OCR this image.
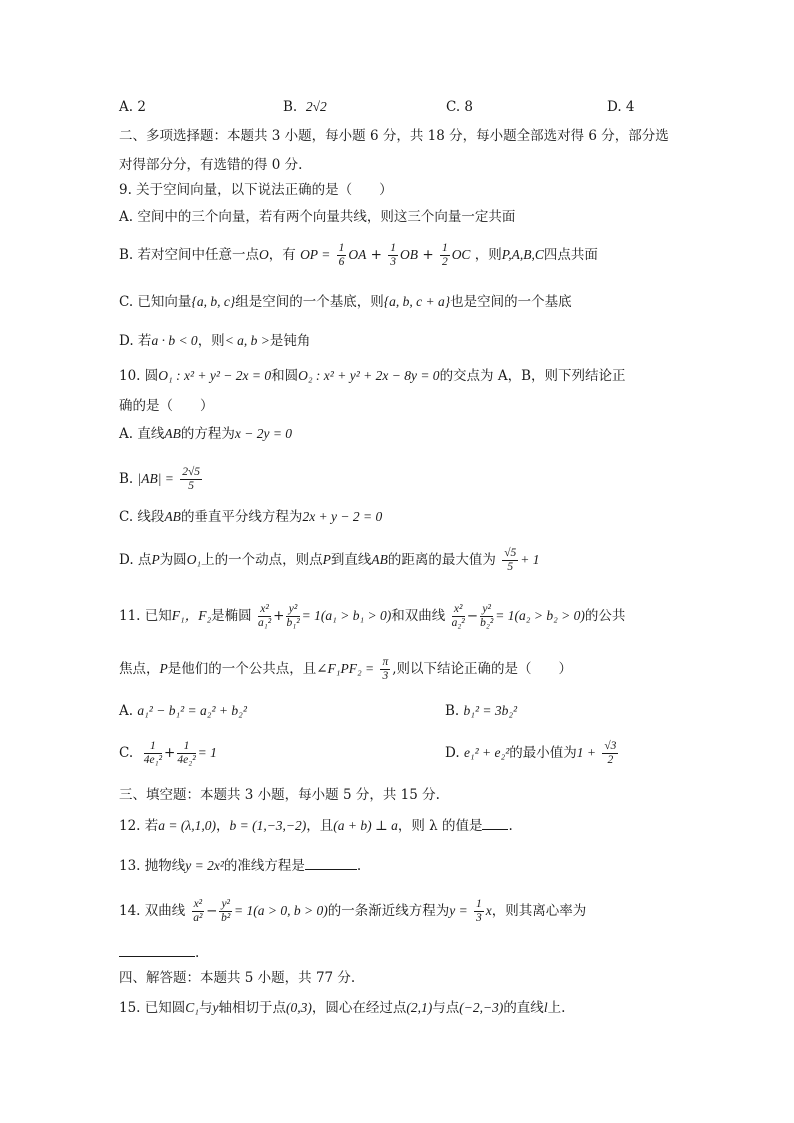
A. 2	B. 2√2	C. 8	D. 4
二、多项选择题：本题共 3 小题，每小题 6 分，共 18 分，每小题全部选对得 6 分，部分选
对得部分分，有选错的得 0 分.
9. 关于空间向量，以下说法正确的是（　　）
A. 空间中的三个向量，若有两个向量共线，则这三个向量一定共面
B. 若对空间中任意一点O，有 OP = $\frac{1}{6}$ OA + $\frac{1}{3}$ OB + $\frac{1}{2}$ OC ，则P,A,B,C四点共面
C. 已知向量{a, b, c}组是空间的一个基底，则{a, b, c + a}也是空间的一个基底
D. 若a · b < 0，则< a, b >是钝角
10. 圆O₁ : x² + y² − 2x = 0和圆O₂ : x² + y² + 2x − 8y = 0的交点为 A，B，则下列结论正
确的是（　　）
A. 直线AB的方程为x − 2y = 0
B. $|AB| = \frac{2√5}{5}$
C. 线段AB的垂直平分线方程为2x + y − 2 = 0
D. 点P为圆O₁上的一个动点，则点P到直线AB的距离的最大值为 $\frac{√5}{5} + 1$
11. 已知F₁，F₂是椭圆 $\frac{\text{x²}}{\text{a₁²}} + \frac{\text{y²}}{\text{b₁²}} = 1(a_1 > b_1 > 0)$和双曲线 $\frac{\text{x²}}{\text{a₂²}} - \frac{\text{y²}}{\text{b₂²}} = 1(a_2 > b_2 > 0)$的公共
焦点，P是他们的一个公共点，且∠F₁PF₂ = $\frac{\pi}{3}$ ,则以下结论正确的是（　　）
A. a₁² − b₁² = a₂² + b₂²	B. b₁² = 3b₂²
C. $\frac{1}{\text{4e₁²}} + \frac{1}{\text{4e₂²}} = 1$	D. e₁² + e₂²的最小值为$1 + \frac{√3}{2}$
三、填空题：本题共 3 小题，每小题 5 分，共 15 分.
12. 若a = (λ,1,0)，b = (1,−3,−2)，且(a + b) ⊥ a，则 λ 的值是 .
13. 抛物线y = 2x²的准线方程是	.
14. 双曲线 $\frac{\text{x²}}{\text{a²}} - \frac{\text{y²}}{\text{b²}} = 1(a > 0$, b > 0)的一条渐近线方程为$y = \frac{1}{3}$ x，则其离心率为
.
四、解答题：本题共 5 小题，共 77 分.
15. 已知圆C₁与y轴相切于点(0,3)，圆心在经过点(2,1)与点(−2,−3)的直线l上.
